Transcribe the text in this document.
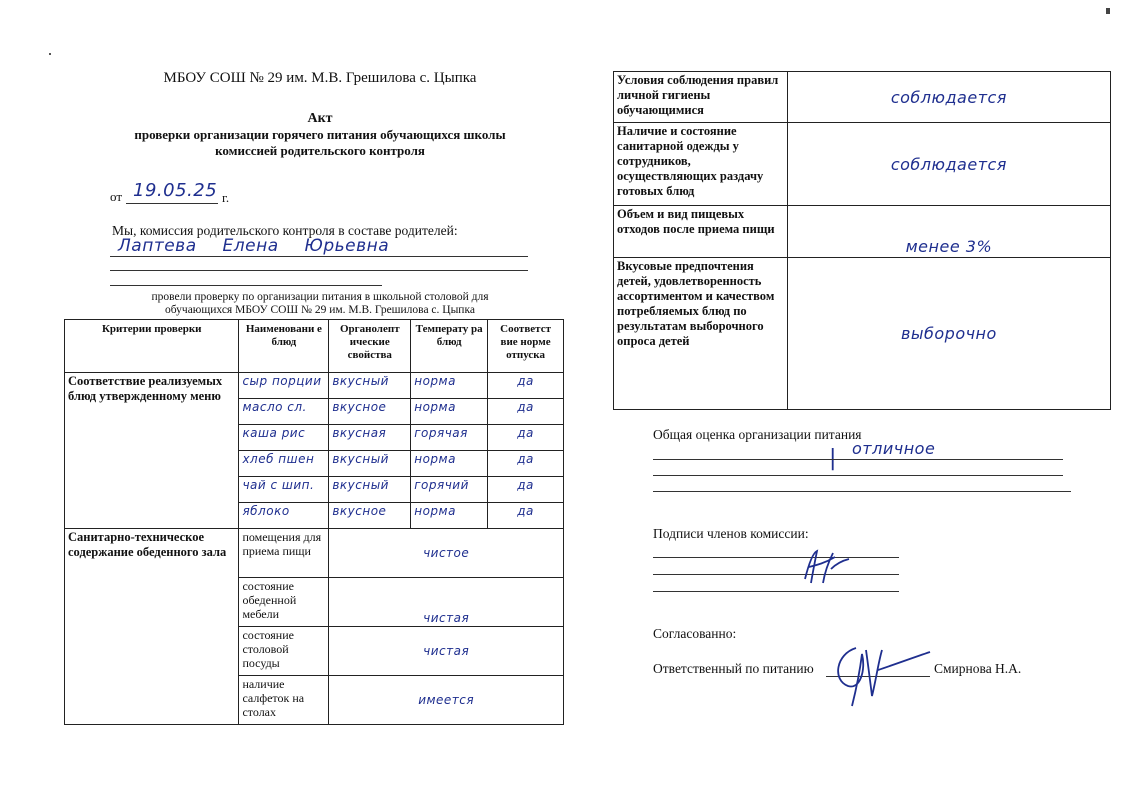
МБОУ СОШ № 29 им. М.В. Грешилова с. Цыпка
Акт
проверки организации горячего питания обучающихся школы
комиссией родительского контроля
от 19.05.25 г.
Мы, комиссия родительского контроля в составе родителей:
Лаптева Елена Юрьевна
провели проверку по организации питания в школьной столовой для
обучающихся МБОУ СОШ № 29 им. М.В. Грешилова с. Цыпка
Критерии проверки	Наименовани е блюд	Органолепт ические свойства	Температу ра блюд	Соответст вие норме отпуска
Соответствие реализуемых блюд утвержденному меню	сыр порции	вкусный	норма	да
	масло сл.	вкусное	норма	да
	каша рис	вкусная	горячая	да
	хлеб пшен	вкусный	норма	да
	чай с шип.	вкусный	горячий	да
	яблоко	вкусное	норма	да
Санитарно-техническое содержание обеденного зала	помещения для приема пищи	чистое		
	состояние обеденной мебели	чистая		
	состояние столовой посуды	чистая		
	наличие салфеток на столах	имеется		
Условия соблюдения правил личной гигиены обучающимися	соблюдается
Наличие и состояние санитарной одежды у сотрудников, осуществляющих раздачу готовых блюд	соблюдается
Объем и вид пищевых отходов после приема пищи	менее 3%
Вкусовые предпочтения детей, удовлетворенность ассортиментом и качеством потребляемых блюд по результатам выборочного опроса детей	выборочно
Общая оценка организации питания
отличное
|
Подписи членов комиссии:
Согласованно:
Ответственный по питанию	Смирнова Н.А.
